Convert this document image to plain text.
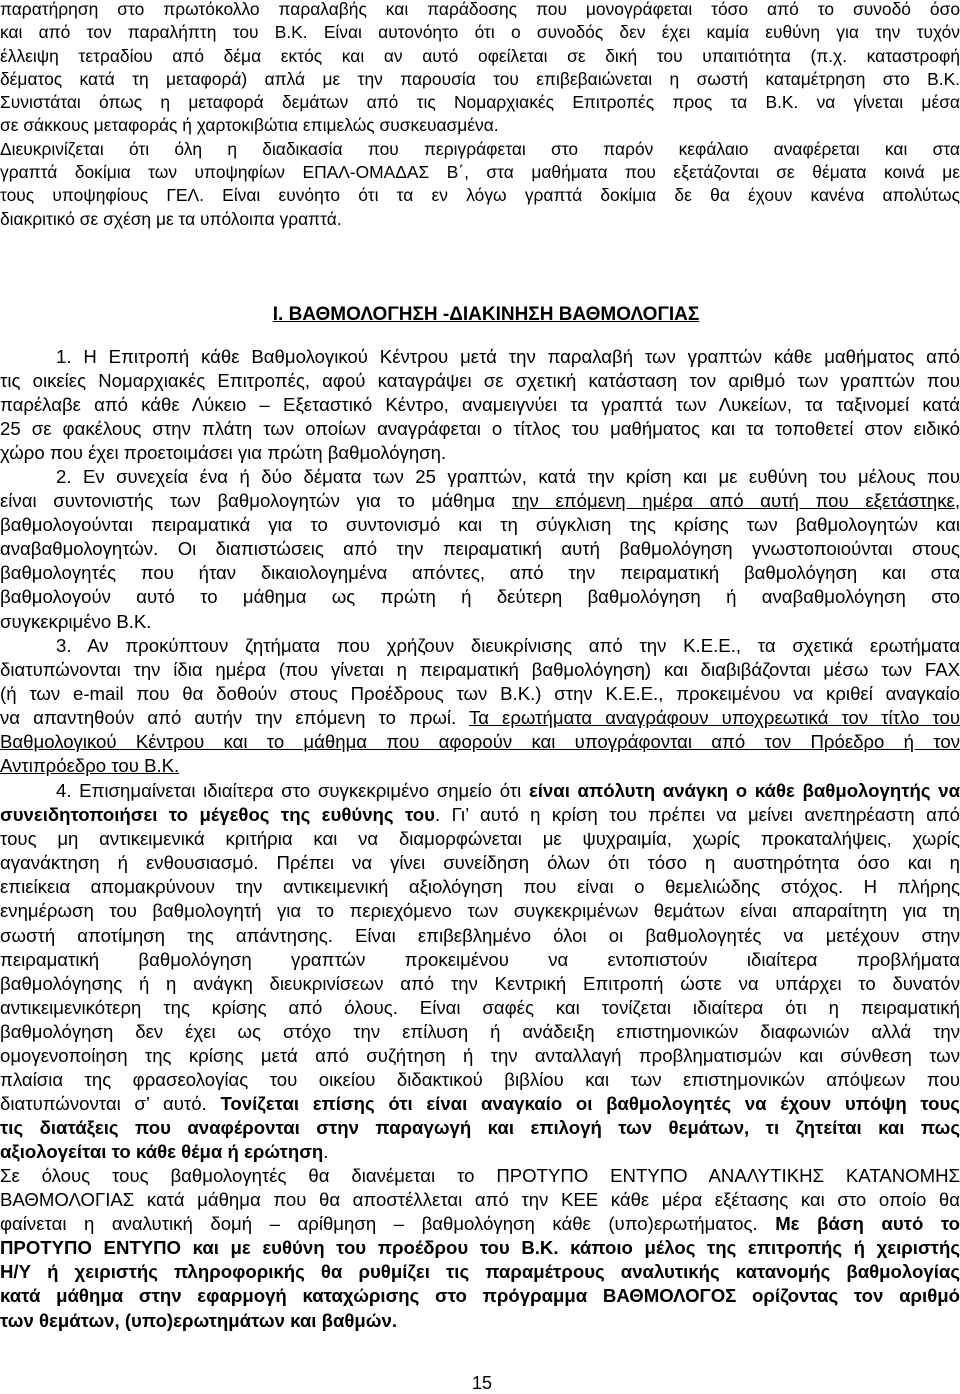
παρατήρηση στο πρωτόκολλο παραλαβής και παράδοσης που μονογράφεται τόσο από το συνοδό όσο
και από τον παραλήπτη του Β.Κ. Είναι αυτονόητο ότι ο συνοδός δεν έχει καμία ευθύνη για την τυχόν
έλλειψη τετραδίου από δέμα εκτός και αν αυτό οφείλεται σε δική του υπαιτιότητα (π.χ. καταστροφή
δέματος κατά τη μεταφορά) απλά με την παρουσία του επιβεβαιώνεται η σωστή καταμέτρηση στο Β.Κ.
Συνιστάται όπως η μεταφορά δεμάτων από τις Νομαρχιακές Επιτροπές προς τα Β.Κ. να γίνεται μέσα
σε σάκκους μεταφοράς ή χαρτοκιβώτια επιμελώς συσκευασμένα.
Διευκρινίζεται ότι όλη η διαδικασία που περιγράφεται στο παρόν κεφάλαιο αναφέρεται και στα
γραπτά δοκίμια των υποψηφίων ΕΠΑΛ-ΟΜΑΔΑΣ Β΄, στα μαθήματα που εξετάζονται σε θέματα κοινά με
τους υποψηφίους ΓΕΛ. Είναι ευνόητο ότι τα εν λόγω γραπτά δοκίμια δε θα έχουν κανένα απολύτως
διακριτικό σε σχέση με τα υπόλοιπα γραπτά.
Ι. ΒΑΘΜΟΛΟΓΗΣΗ -ΔΙΑΚΙΝΗΣΗ ΒΑΘΜΟΛΟΓΙΑΣ
1. Η Επιτροπή κάθε Βαθμολογικού Κέντρου μετά την παραλαβή των γραπτών κάθε μαθήματος από
τις οικείες Νομαρχιακές Επιτροπές, αφού καταγράψει σε σχετική κατάσταση τον αριθμό των γραπτών που
παρέλαβε από κάθε Λύκειο – Εξεταστικό Κέντρο, αναμειγνύει τα γραπτά των Λυκείων, τα ταξινομεί κατά
25 σε φακέλους στην πλάτη των οποίων αναγράφεται ο τίτλος του μαθήματος και τα τοποθετεί στον ειδικό
χώρο που έχει προετοιμάσει για πρώτη βαθμολόγηση.
2. Εν συνεχεία ένα ή δύο δέματα των 25 γραπτών, κατά την κρίση και με ευθύνη του μέλους που
είναι συντονιστής των βαθμολογητών για το μάθημα την επόμενη ημέρα από αυτή που εξετάστηκε,
βαθμολογούνται πειραματικά για το συντονισμό και τη σύγκλιση της κρίσης των βαθμολογητών και
αναβαθμολογητών. Οι διαπιστώσεις από την πειραματική αυτή βαθμολόγηση γνωστοποιούνται στους
βαθμολογητές που ήταν δικαιολογημένα απόντες, από την πειραματική βαθμολόγηση και στα
βαθμολογούν αυτό το μάθημα ως πρώτη ή δεύτερη βαθμολόγηση ή αναβαθμολόγηση στο
συγκεκριμένο Β.Κ.
3. Αν προκύπτουν ζητήματα που χρήζουν διευκρίνισης από την Κ.Ε.Ε., τα σχετικά ερωτήματα
διατυπώνονται την ίδια ημέρα (που γίνεται η πειραματική βαθμολόγηση) και διαβιβάζονται μέσω των FAX
(ή των e-mail που θα δοθούν στους Προέδρους των Β.Κ.) στην Κ.Ε.Ε., προκειμένου να κριθεί αναγκαίο
να απαντηθούν από αυτήν την επόμενη το πρωί. Τα ερωτήματα αναγράφουν υποχρεωτικά τον τίτλο του
Βαθμολογικού Κέντρου και το μάθημα που αφορούν και υπογράφονται από τον Πρόεδρο ή τον
Αντιπρόεδρο του Β.Κ.
4. Επισημαίνεται ιδιαίτερα στο συγκεκριμένο σημείο ότι είναι απόλυτη ανάγκη ο κάθε βαθμολογητής να
συνειδητοποιήσει το μέγεθος της ευθύνης του. Γι’ αυτό η κρίση του πρέπει να μείνει ανεπηρέαστη από
τους μη αντικειμενικά κριτήρια και να διαμορφώνεται με ψυχραιμία, χωρίς προκαταλήψεις, χωρίς
αγανάκτηση ή ενθουσιασμό. Πρέπει να γίνει συνείδηση όλων ότι τόσο η αυστηρότητα όσο και η
επιείκεια απομακρύνουν την αντικειμενική αξιολόγηση που είναι ο θεμελιώδης στόχος. Η πλήρης
ενημέρωση του βαθμολογητή για το περιεχόμενο των συγκεκριμένων θεμάτων είναι απαραίτητη για τη
σωστή αποτίμηση της απάντησης. Είναι επιβεβλημένο όλοι οι βαθμολογητές να μετέχουν στην
πειραματική βαθμολόγηση γραπτών προκειμένου να εντοπιστούν ιδιαίτερα προβλήματα
βαθμολόγησης ή η ανάγκη διευκρινίσεων από την Κεντρική Επιτροπή ώστε να υπάρχει το δυνατόν
αντικειμενικότερη της κρίσης από όλους. Είναι σαφές και τονίζεται ιδιαίτερα ότι η πειραματική
βαθμολόγηση δεν έχει ως στόχο την επίλυση ή ανάδειξη επιστημονικών διαφωνιών αλλά την
ομογενοποίηση της κρίσης μετά από συζήτηση ή την ανταλλαγή προβληματισμών και σύνθεση των
πλαίσια της φρασεολογίας του οικείου διδακτικού βιβλίου και των επιστημονικών απόψεων που
διατυπώνονται σ’ αυτό. Τονίζεται επίσης ότι είναι αναγκαίο οι βαθμολογητές να έχουν υπόψη τους
τις διατάξεις που αναφέρονται στην παραγωγή και επιλογή των θεμάτων, τι ζητείται και πως
αξιολογείται το κάθε θέμα ή ερώτηση.
Σε όλους τους βαθμολογητές θα διανέμεται το ΠΡΟΤΥΠΟ ΕΝΤΥΠΟ ΑΝΑΛΥΤΙΚΗΣ ΚΑΤΑΝΟΜΗΣ
ΒΑΘΜΟΛΟΓΙΑΣ κατά μάθημα που θα αποστέλλεται από την ΚΕΕ κάθε μέρα εξέτασης και στο οποίο θα
φαίνεται η αναλυτική δομή – αρίθμηση – βαθμολόγηση κάθε (υπο)ερωτήματος. Με βάση αυτό το
ΠΡΟΤΥΠΟ ΕΝΤΥΠΟ και με ευθύνη του προέδρου του Β.Κ. κάποιο μέλος της επιτροπής ή χειριστής
Η/Υ ή χειριστής πληροφορικής θα ρυθμίζει τις παραμέτρους αναλυτικής κατανομής βαθμολογίας
κατά μάθημα στην εφαρμογή καταχώρισης στο πρόγραμμα ΒΑΘΜΟΛΟΓΟΣ ορίζοντας τον αριθμό
των θεμάτων, (υπο)ερωτημάτων και βαθμών.
15
